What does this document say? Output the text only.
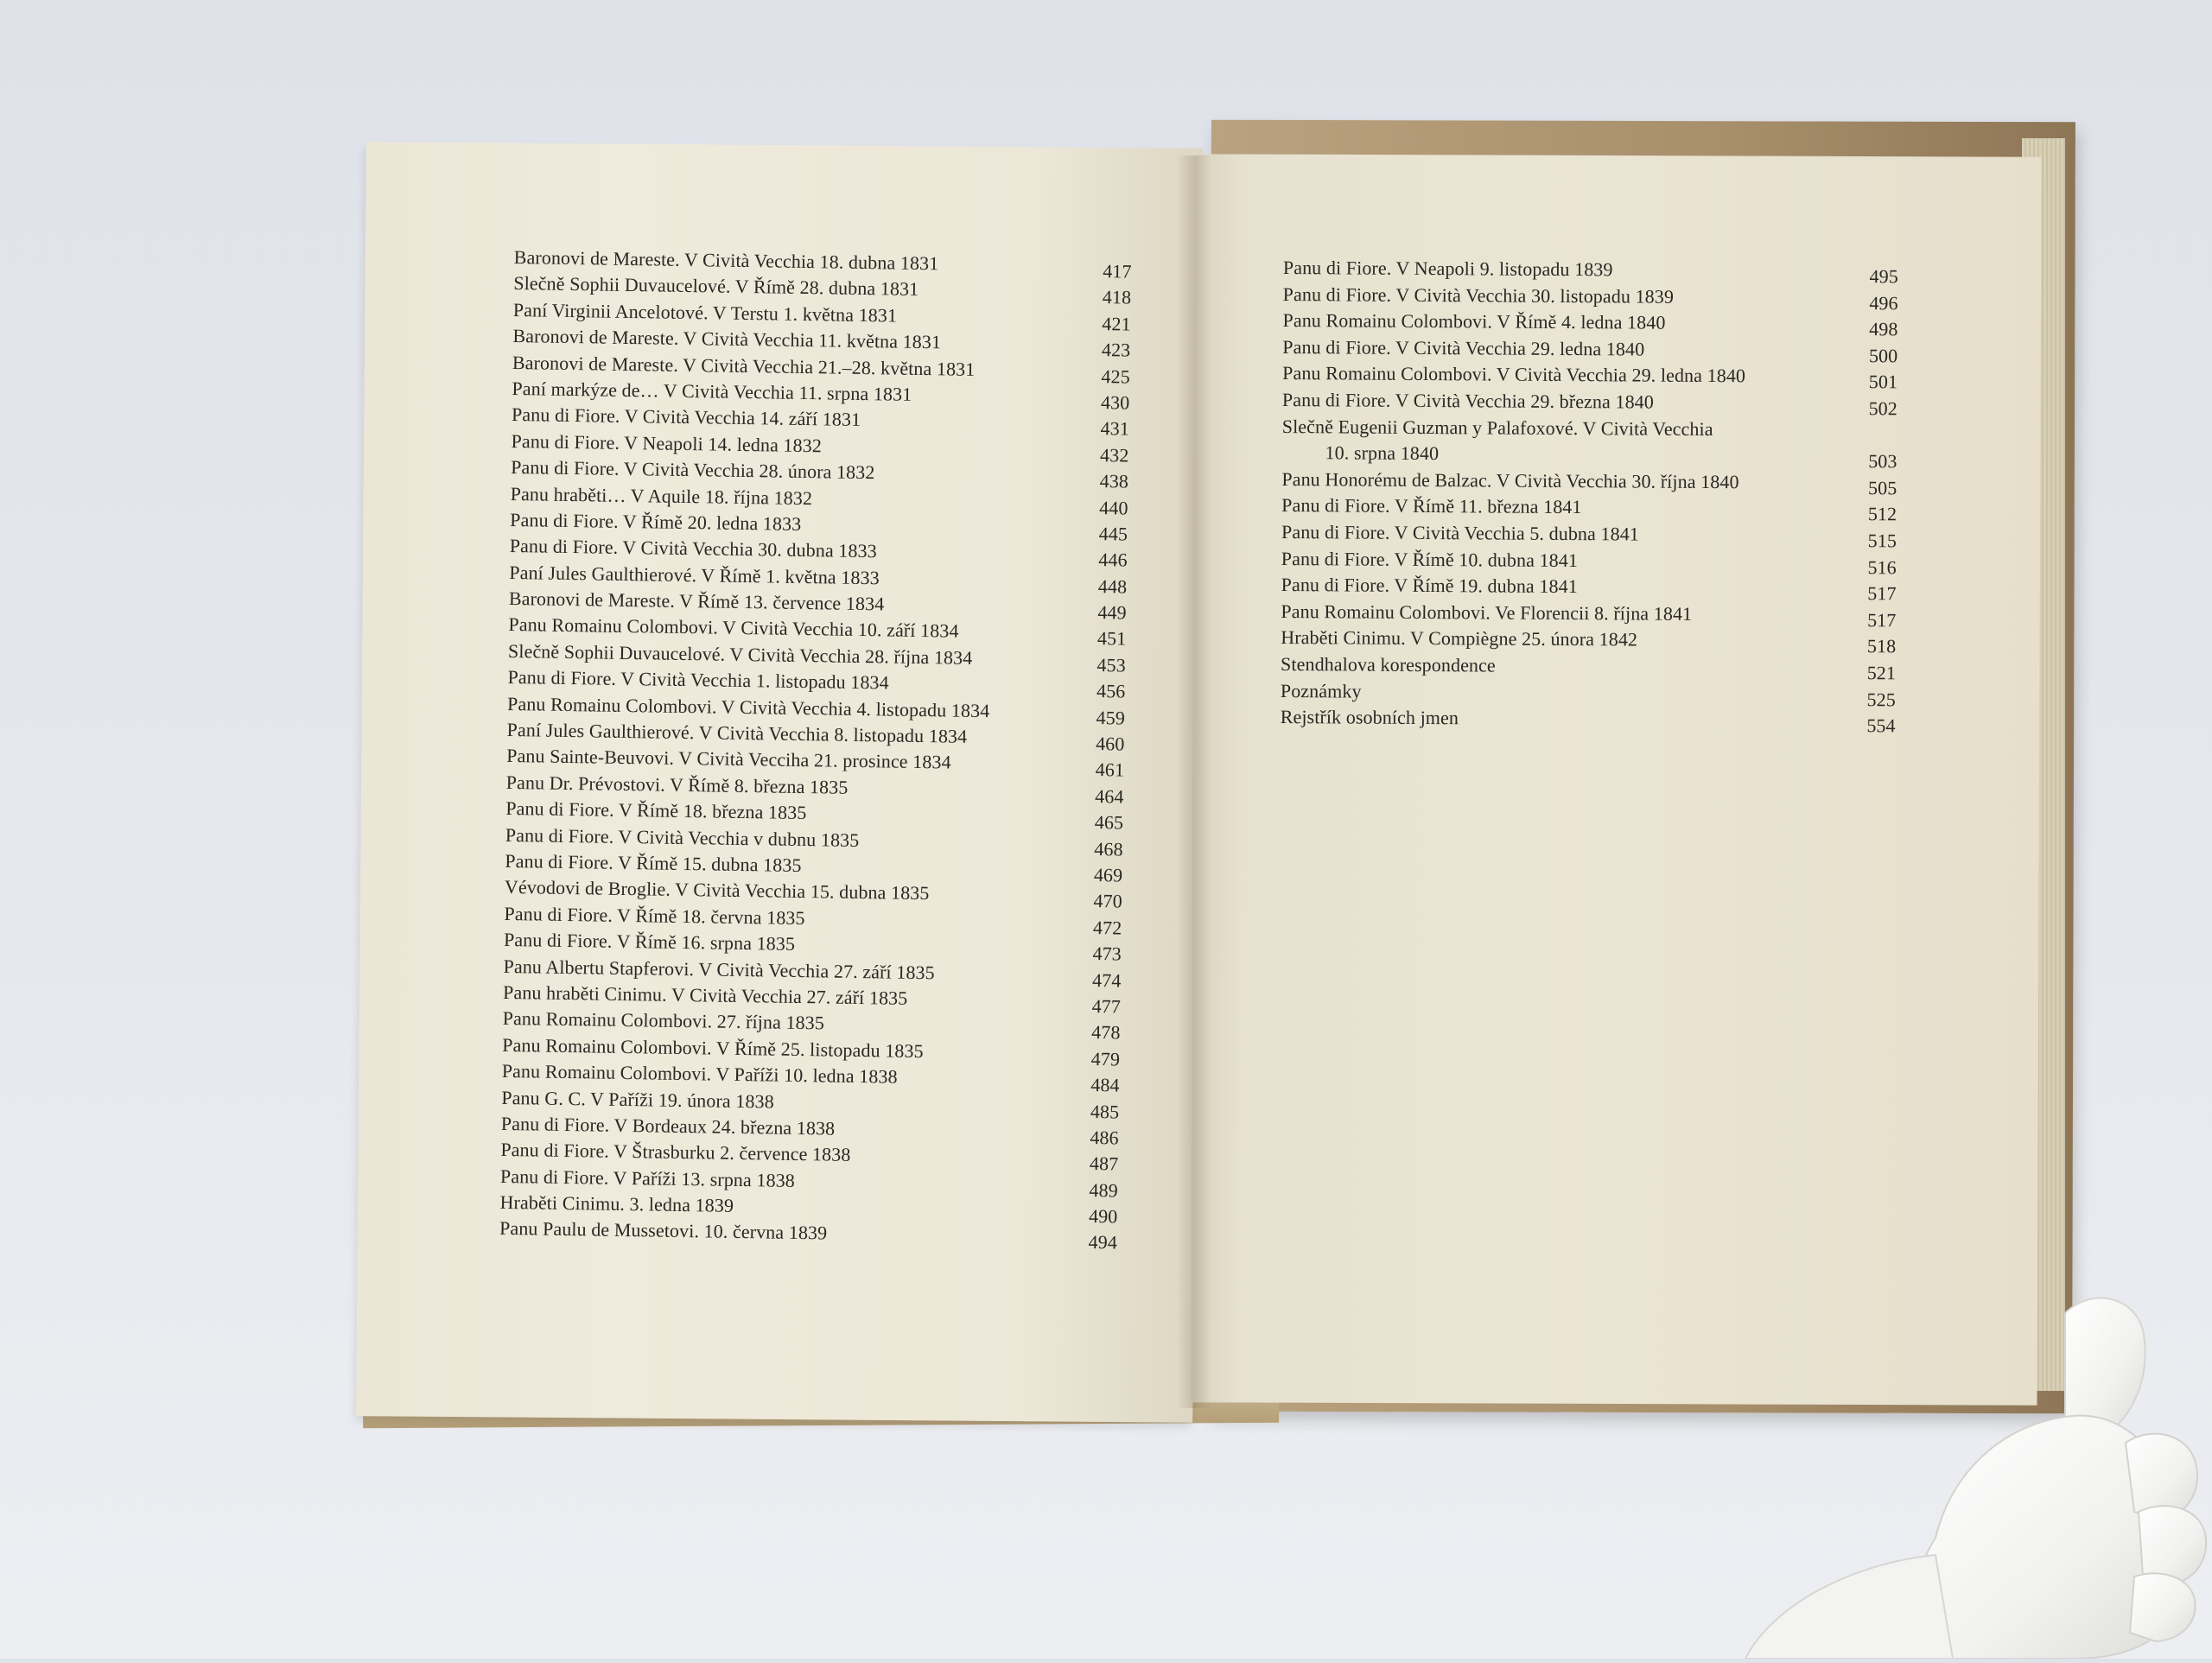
Baronovi de Mareste. V Cività Vecchia 18. dubna 1831	417
Slečně Sophii Duvaucelové. V Římě 28. dubna 1831	418
Paní Virginii Ancelotové. V Terstu 1. května 1831	421
Baronovi de Mareste. V Cività Vecchia 11. května 1831	423
Baronovi de Mareste. V Cività Vecchia 21.–28. května 1831	425
Paní markýze de… V Cività Vecchia 11. srpna 1831	430
Panu di Fiore. V Cività Vecchia 14. září 1831	431
Panu di Fiore. V Neapoli 14. ledna 1832	432
Panu di Fiore. V Cività Vecchia 28. února 1832	438
Panu hraběti… V Aquile 18. října 1832	440
Panu di Fiore. V Římě 20. ledna 1833	445
Panu di Fiore. V Cività Vecchia 30. dubna 1833	446
Paní Jules Gaulthierové. V Římě 1. května 1833	448
Baronovi de Mareste. V Římě 13. července 1834	449
Panu Romainu Colombovi. V Cività Vecchia 10. září 1834	451
Slečně Sophii Duvaucelové. V Cività Vecchia 28. října 1834	453
Panu di Fiore. V Cività Vecchia 1. listopadu 1834	456
Panu Romainu Colombovi. V Cività Vecchia 4. listopadu 1834	459
Paní Jules Gaulthierové. V Cività Vecchia 8. listopadu 1834	460
Panu Sainte-Beuvovi. V Cività Vecciha 21. prosince 1834	461
Panu Dr. Prévostovi. V Římě 8. března 1835	464
Panu di Fiore. V Římě 18. března 1835	465
Panu di Fiore. V Cività Vecchia v dubnu 1835	468
Panu di Fiore. V Římě 15. dubna 1835	469
Vévodovi de Broglie. V Cività Vecchia 15. dubna 1835	470
Panu di Fiore. V Římě 18. června 1835	472
Panu di Fiore. V Římě 16. srpna 1835	473
Panu Albertu Stapferovi. V Cività Vecchia 27. září 1835	474
Panu hraběti Cinimu. V Cività Vecchia 27. září 1835	477
Panu Romainu Colombovi. 27. října 1835	478
Panu Romainu Colombovi. V Římě 25. listopadu 1835	479
Panu Romainu Colombovi. V Paříži 10. ledna 1838	484
Panu G. C. V Paříži 19. února 1838	485
Panu di Fiore. V Bordeaux 24. března 1838	486
Panu di Fiore. V Štrasburku 2. července 1838	487
Panu di Fiore. V Paříži 13. srpna 1838	489
Hraběti Cinimu. 3. ledna 1839	490
Panu Paulu de Mussetovi. 10. června 1839	494
Panu di Fiore. V Neapoli 9. listopadu 1839	495
Panu di Fiore. V Cività Vecchia 30. listopadu 1839	496
Panu Romainu Colombovi. V Římě 4. ledna 1840	498
Panu di Fiore. V Cività Vecchia 29. ledna 1840	500
Panu Romainu Colombovi. V Cività Vecchia 29. ledna 1840	501
Panu di Fiore. V Cività Vecchia 29. března 1840	502
Slečně Eugenii Guzman y Palafoxové. V Cività Vecchia
10. srpna 1840	503
Panu Honorému de Balzac. V Cività Vecchia 30. října 1840	505
Panu di Fiore. V Římě 11. března 1841	512
Panu di Fiore. V Cività Vecchia 5. dubna 1841	515
Panu di Fiore. V Římě 10. dubna 1841	516
Panu di Fiore. V Římě 19. dubna 1841	517
Panu Romainu Colombovi. Ve Florencii 8. října 1841	517
Hraběti Cinimu. V Compiègne 25. února 1842	518
Stendhalova korespondence	521
Poznámky	525
Rejstřík osobních jmen	554
